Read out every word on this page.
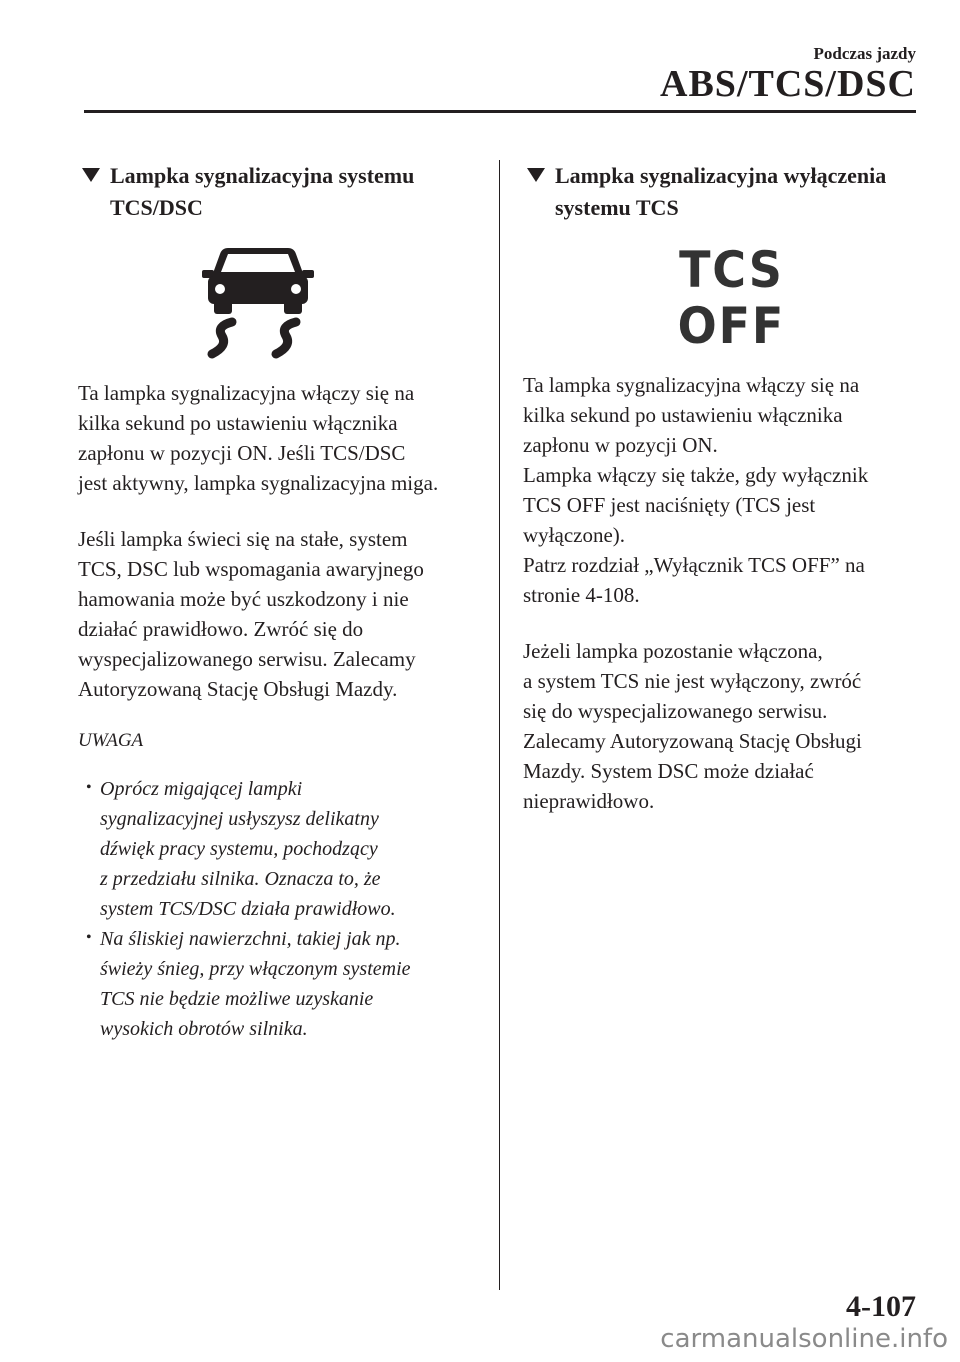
Podczas jazdy
ABS/TCS/DSC
Lampka sygnalizacyjna systemu
TCS/DSC

Ta lampka sygnalizacyjna włączy się na
kilka sekund po ustawieniu włącznika
zapłonu w pozycji ON. Jeśli TCS/DSC
jest aktywny, lampka sygnalizacyjna miga.

Jeśli lampka świeci się na stałe, system
TCS, DSC lub wspomagania awaryjnego
hamowania może być uszkodzony i nie
działać prawidłowo. Zwróć się do
wyspecjalizowanego serwisu. Zalecamy
Autoryzowaną Stację Obsługi Mazdy.

UWAGA
• Oprócz migającej lampki
sygnalizacyjnej usłyszysz delikatny
dźwięk pracy systemu, pochodzący
z przedziału silnika. Oznacza to, że
system TCS/DSC działa prawidłowo.
• Na śliskiej nawierzchni, takiej jak np.
świeży śnieg, przy włączonym systemie
TCS nie będzie możliwe uzyskanie
wysokich obrotów silnika.
Lampka sygnalizacyjna wyłączenia
systemu TCS
TCS
OFF

Ta lampka sygnalizacyjna włączy się na
kilka sekund po ustawieniu włącznika
zapłonu w pozycji ON.
Lampka włączy się także, gdy wyłącznik
TCS OFF jest naciśnięty (TCS jest
wyłączone).
Patrz rozdział „Wyłącznik TCS OFF” na
stronie 4-108.

Jeżeli lampka pozostanie włączona,
a system TCS nie jest wyłączony, zwróć
się do wyspecjalizowanego serwisu.
Zalecamy Autoryzowaną Stację Obsługi
Mazdy. System DSC może działać
nieprawidłowo.

4-107
carmanualsonline.info
